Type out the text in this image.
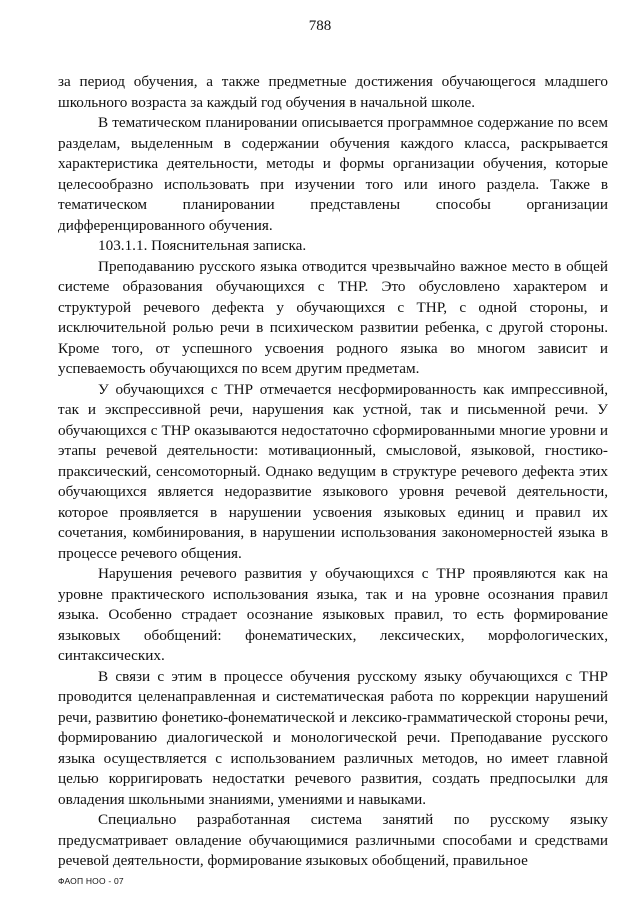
788

за период обучения, а также предметные достижения обучающегося младшего школьного возраста за каждый год обучения в начальной школе.

В тематическом планировании описывается программное содержание по всем разделам, выделенным в содержании обучения каждого класса, раскрывается характеристика деятельности, методы и формы организации обучения, которые целесообразно использовать при изучении того или иного раздела. Также в тематическом планировании представлены способы организации дифференцированного обучения.

103.1.1. Пояснительная записка.

Преподаванию русского языка отводится чрезвычайно важное место в общей системе образования обучающихся с ТНР. Это обусловлено характером и структурой речевого дефекта у обучающихся с ТНР, с одной стороны, и исключительной ролью речи в психическом развитии ребенка, с другой стороны. Кроме того, от успешного усвоения родного языка во многом зависит и успеваемость обучающихся по всем другим предметам.

У обучающихся с ТНР отмечается несформированность как импрессивной, так и экспрессивной речи, нарушения как устной, так и письменной речи. У обучающихся с ТНР оказываются недостаточно сформированными многие уровни и этапы речевой деятельности: мотивационный, смысловой, языковой, гностико-праксический, сенсомоторный. Однако ведущим в структуре речевого дефекта этих обучающихся является недоразвитие языкового уровня речевой деятельности, которое проявляется в нарушении усвоения языковых единиц и правил их сочетания, комбинирования, в нарушении использования закономерностей языка в процессе речевого общения.

Нарушения речевого развития у обучающихся с ТНР проявляются как на уровне практического использования языка, так и на уровне осознания правил языка. Особенно страдает осознание языковых правил, то есть формирование языковых обобщений: фонематических, лексических, морфологических, синтаксических.

В связи с этим в процессе обучения русскому языку обучающихся с ТНР проводится целенаправленная и систематическая работа по коррекции нарушений речи, развитию фонетико-фонематической и лексико-грамматической стороны речи, формированию диалогической и монологической речи. Преподавание русского языка осуществляется с использованием различных методов, но имеет главной целью корригировать недостатки речевого развития, создать предпосылки для овладения школьными знаниями, умениями и навыками.

Специально разработанная система занятий по русскому языку предусматривает овладение обучающимися различными способами и средствами речевой деятельности, формирование языковых обобщений, правильное

ФАОП НОО - 07
